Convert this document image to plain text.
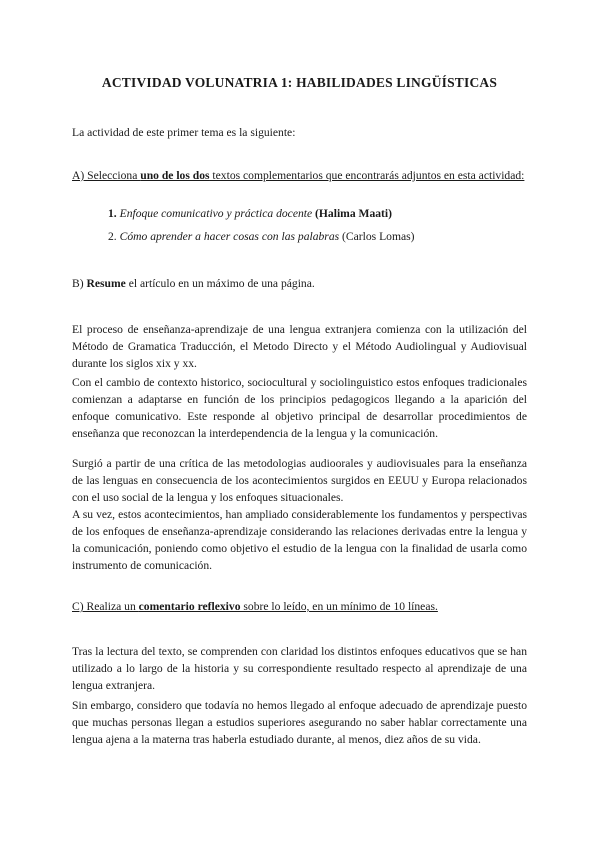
ACTIVIDAD VOLUNATRIA 1: HABILIDADES LINGÜÍSTICAS

La actividad de este primer tema es la siguiente:

A) Selecciona uno de los dos textos complementarios que encontrarás adjuntos en esta actividad:

1. Enfoque comunicativo y práctica docente (Halima Maati)
2. Cómo aprender a hacer cosas con las palabras (Carlos Lomas)

B) Resume el artículo en un máximo de una página.

El proceso de enseñanza-aprendizaje de una lengua extranjera comienza con la utilización del Método de Gramatica Traducción, el Metodo Directo y el Método Audiolingual y Audiovisual durante los siglos xix y xx.

Con el cambio de contexto historico, sociocultural y sociolinguistico estos enfoques tradicionales comienzan a adaptarse en función de los principios pedagogicos llegando a la aparición del enfoque comunicativo. Este responde al objetivo principal de desarrollar procedimientos de enseñanza que reconozcan la interdependencia de la lengua y la comunicación.

Surgió a partir de una crítica de las metodologias audioorales y audiovisuales para la enseñanza de las lenguas en consecuencia de los acontecimientos surgidos en EEUU y Europa relacionados con el uso social de la lengua y los enfoques situacionales.

A su vez, estos acontecimientos, han ampliado considerablemente los fundamentos y perspectivas de los enfoques de enseñanza-aprendizaje considerando las relaciones derivadas entre la lengua y la comunicación, poniendo como objetivo el estudio de la lengua con la finalidad de usarla como instrumento de comunicación.

C) Realiza un comentario reflexivo sobre lo leído, en un mínimo de 10 líneas.

Tras la lectura del texto, se comprenden con claridad los distintos enfoques educativos que se han utilizado a lo largo de la historia y su correspondiente resultado respecto al aprendizaje de una lengua extranjera.

Sin embargo, considero que todavía no hemos llegado al enfoque adecuado de aprendizaje puesto que muchas personas llegan a estudios superiores asegurando no saber hablar correctamente una lengua ajena a la materna tras haberla estudiado durante, al menos, diez años de su vida.
